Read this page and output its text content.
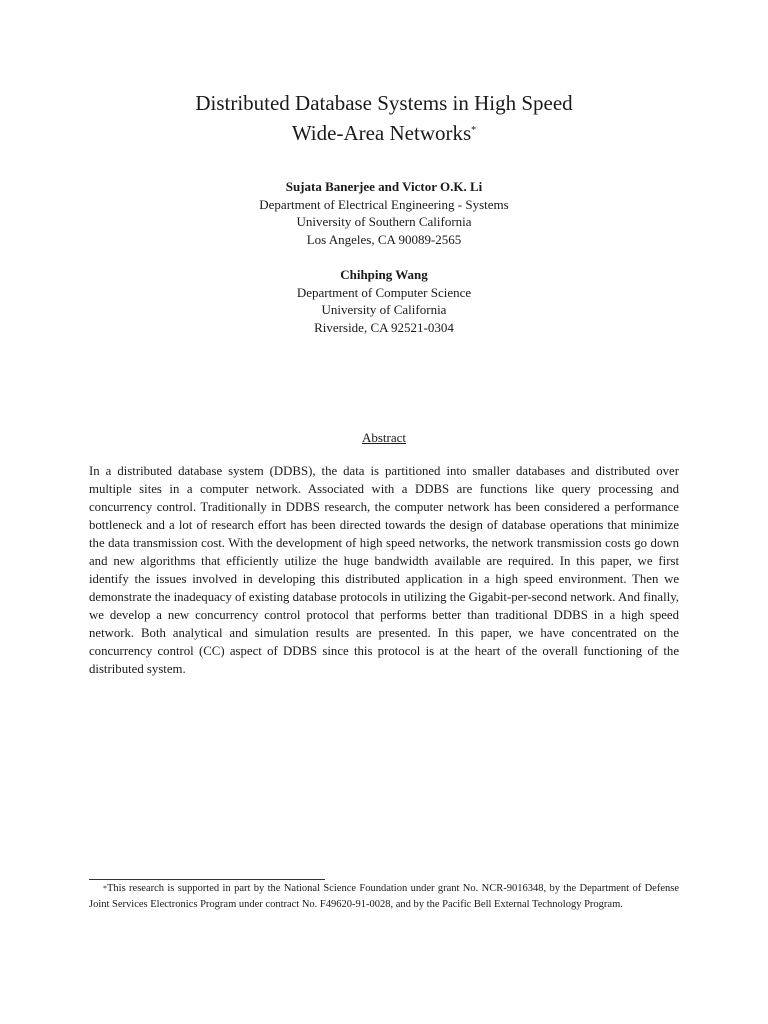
Distributed Database Systems in High Speed
Wide-Area Networks*
Sujata Banerjee and Victor O.K. Li
Department of Electrical Engineering - Systems
University of Southern California
Los Angeles, CA 90089-2565
Chihping Wang
Department of Computer Science
University of California
Riverside, CA 92521-0304
Abstract

In a distributed database system (DDBS), the data is partitioned into smaller databases and distributed over multiple sites in a computer network. Associated with a DDBS are functions like query processing and concurrency control. Traditionally in DDBS research, the computer network has been considered a performance bottleneck and a lot of research effort has been directed towards the design of database operations that minimize the data transmission cost. With the development of high speed networks, the network transmission costs go down and new algorithms that efficiently utilize the huge bandwidth available are required. In this paper, we first identify the issues involved in developing this distributed application in a high speed environment. Then we demonstrate the inadequacy of existing database protocols in utilizing the Gigabit-per-second network. And finally, we develop a new concurrency control protocol that performs better than traditional DDBS in a high speed network. Both analytical and simulation results are presented. In this paper, we have concentrated on the concurrency control (CC) aspect of DDBS since this protocol is at the heart of the overall functioning of the distributed system.

*This research is supported in part by the National Science Foundation under grant No. NCR-9016348, by the Department of Defense Joint Services Electronics Program under contract No. F49620-91-0028, and by the Pacific Bell External Technology Program.
